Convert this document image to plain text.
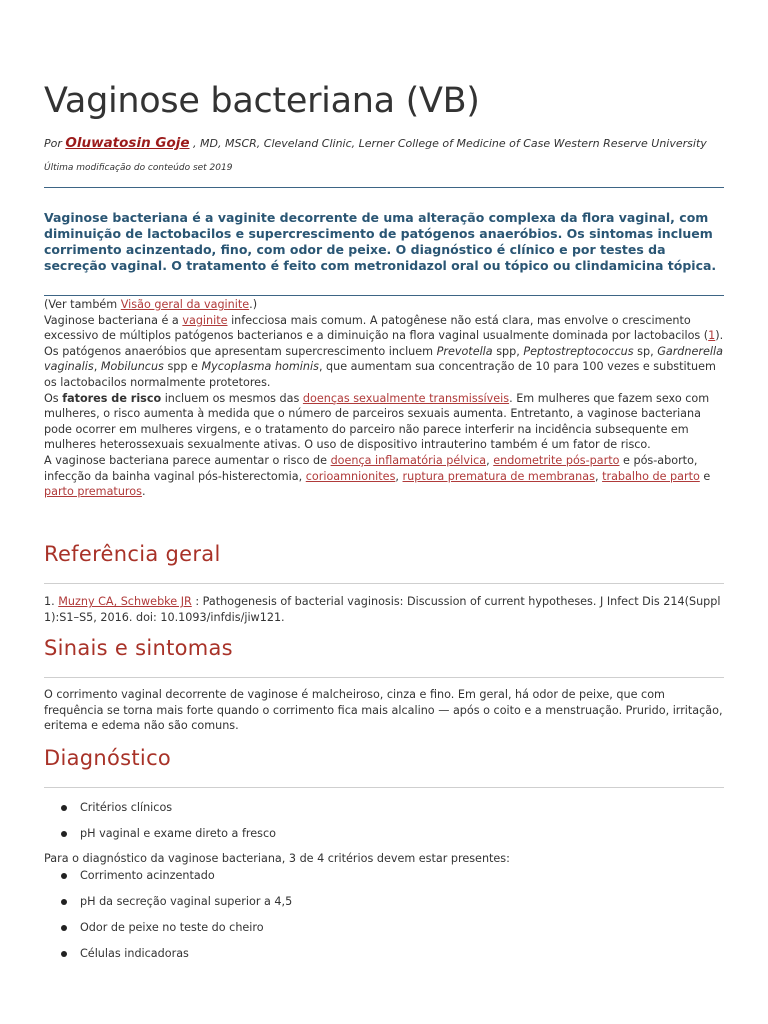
Vaginose bacteriana (VB)
Por Oluwatosin Goje , MD, MSCR, Cleveland Clinic, Lerner College of Medicine of Case Western Reserve University
Última modificação do conteúdo set 2019
Vaginose bacteriana é a vaginite decorrente de uma alteração complexa da flora vaginal, com diminuição de lactobacilos e supercrescimento de patógenos anaeróbios. Os sintomas incluem corrimento acinzentado, fino, com odor de peixe. O diagnóstico é clínico e por testes da secreção vaginal. O tratamento é feito com metronidazol oral ou tópico ou clindamicina tópica.

(Ver também Visão geral da vaginite.)

Vaginose bacteriana é a vaginite infecciosa mais comum. A patogênese não está clara, mas envolve o crescimento excessivo de múltiplos patógenos bacterianos e a diminuição na flora vaginal usualmente dominada por lactobacilos (1).

Os patógenos anaeróbios que apresentam supercrescimento incluem Prevotella spp, Peptostreptococcus sp, Gardnerella vaginalis, Mobiluncus spp e Mycoplasma hominis, que aumentam sua concentração de 10 para 100 vezes e substituem os lactobacilos normalmente protetores.

Os fatores de risco incluem os mesmos das doenças sexualmente transmissíveis. Em mulheres que fazem sexo com mulheres, o risco aumenta à medida que o número de parceiros sexuais aumenta. Entretanto, a vaginose bacteriana pode ocorrer em mulheres virgens, e o tratamento do parceiro não parece interferir na incidência subsequente em mulheres heterossexuais sexualmente ativas. O uso de dispositivo intrauterino também é um fator de risco.

A vaginose bacteriana parece aumentar o risco de doença inflamatória pélvica, endometrite pós-parto e pós-aborto, infecção da bainha vaginal pós-histerectomia, corioamnionites, ruptura prematura de membranas, trabalho de parto e parto prematuros.

Referência geral

1. Muzny CA, Schwebke JR : Pathogenesis of bacterial vaginosis: Discussion of current hypotheses. J Infect Dis 214(Suppl 1):S1–S5, 2016. doi: 10.1093/infdis/jiw121.

Sinais e sintomas
O corrimento vaginal decorrente de vaginose é malcheiroso, cinza e fino. Em geral, há odor de peixe, que com frequência se torna mais forte quando o corrimento fica mais alcalino — após o coito e a menstruação. Prurido, irritação, eritema e edema não são comuns.
Diagnóstico
Critérios clínicos
pH vaginal e exame direto a fresco
Para o diagnóstico da vaginose bacteriana, 3 de 4 critérios devem estar presentes:
Corrimento acinzentado
pH da secreção vaginal superior a 4,5
Odor de peixe no teste do cheiro
Células indicadoras
